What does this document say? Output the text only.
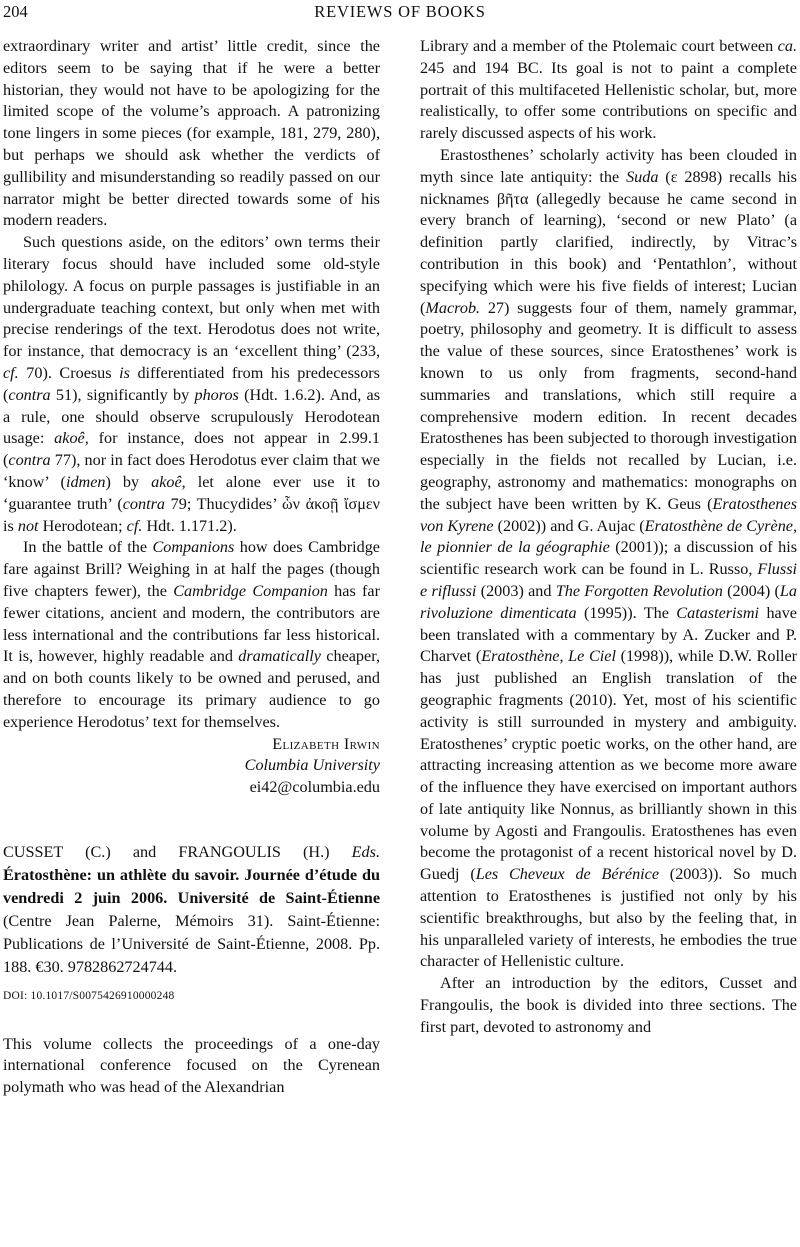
204	REVIEWS OF BOOKS

extraordinary writer and artist’ little credit, since the editors seem to be saying that if he were a better historian, they would not have to be apologizing for the limited scope of the volume’s approach. A patronizing tone lingers in some pieces (for example, 181, 279, 280), but perhaps we should ask whether the verdicts of gullibility and misunderstanding so readily passed on our narrator might be better directed towards some of his modern readers.

Such questions aside, on the editors’ own terms their literary focus should have included some old-style philology. A focus on purple passages is justifiable in an undergraduate teaching context, but only when met with precise renderings of the text. Herodotus does not write, for instance, that democracy is an ‘excellent thing’ (233, cf. 70). Croesus is differentiated from his predecessors (contra 51), significantly by phoros (Hdt. 1.6.2). And, as a rule, one should observe scrupulously Herodotean usage: akoê, for instance, does not appear in 2.99.1 (contra 77), nor in fact does Herodotus ever claim that we ‘know’ (idmen) by akoê, let alone ever use it to ‘guarantee truth’ (contra 79; Thucydides’ ὧν ἀκοῇ ἴσμεν is not Herodotean; cf. Hdt. 1.171.2).

In the battle of the Companions how does Cambridge fare against Brill? Weighing in at half the pages (though five chapters fewer), the Cambridge Companion has far fewer citations, ancient and modern, the contributors are less international and the contributions far less historical. It is, however, highly readable and dramatically cheaper, and on both counts likely to be owned and perused, and therefore to encourage its primary audience to go experience Herodotus’ text for themselves.

Elizabeth Irwin
Columbia University
ei42@columbia.edu

CUSSET (C.) and FRANGOULIS (H.) Eds. Ératosthène: un athlète du savoir. Journée d’étude du vendredi 2 juin 2006. Université de Saint-Étienne (Centre Jean Palerne, Mémoirs 31). Saint-Étienne: Publications de l’Université de Saint-Étienne, 2008. Pp. 188. €30. 9782862724744.

DOI: 10.1017/S0075426910000248

This volume collects the proceedings of a one-day international conference focused on the Cyrenean polymath who was head of the Alexandrian

Library and a member of the Ptolemaic court between ca. 245 and 194 BC. Its goal is not to paint a complete portrait of this multifaceted Hellenistic scholar, but, more realistically, to offer some contributions on specific and rarely discussed aspects of his work.

Erastosthenes’ scholarly activity has been clouded in myth since late antiquity: the Suda (ε 2898) recalls his nicknames βῆτα (allegedly because he came second in every branch of learning), ‘second or new Plato’ (a definition partly clarified, indirectly, by Vitrac’s contribution in this book) and ‘Pentathlon’, without specifying which were his five fields of interest; Lucian (Macrob. 27) suggests four of them, namely grammar, poetry, philosophy and geometry. It is difficult to assess the value of these sources, since Eratosthenes’ work is known to us only from fragments, second-hand summaries and translations, which still require a comprehensive modern edition. In recent decades Eratosthenes has been subjected to thorough investigation especially in the fields not recalled by Lucian, i.e. geography, astronomy and mathematics: monographs on the subject have been written by K. Geus (Eratosthenes von Kyrene (2002)) and G. Aujac (Eratosthène de Cyrène, le pionnier de la géographie (2001)); a discussion of his scientific research work can be found in L. Russo, Flussi e riflussi (2003) and The Forgotten Revolution (2004) (La rivoluzione dimenticata (1995)). The Catasterismi have been translated with a commentary by A. Zucker and P. Charvet (Eratosthène, Le Ciel (1998)), while D.W. Roller has just published an English translation of the geographic fragments (2010). Yet, most of his scientific activity is still surrounded in mystery and ambiguity. Eratosthenes’ cryptic poetic works, on the other hand, are attracting increasing attention as we become more aware of the influence they have exercised on important authors of late antiquity like Nonnus, as brilliantly shown in this volume by Agosti and Frangoulis. Eratosthenes has even become the protagonist of a recent historical novel by D. Guedj (Les Cheveux de Bérénice (2003)). So much attention to Eratosthenes is justified not only by his scientific breakthroughs, but also by the feeling that, in his unparalleled variety of interests, he embodies the true character of Hellenistic culture.

After an introduction by the editors, Cusset and Frangoulis, the book is divided into three sections. The first part, devoted to astronomy and
